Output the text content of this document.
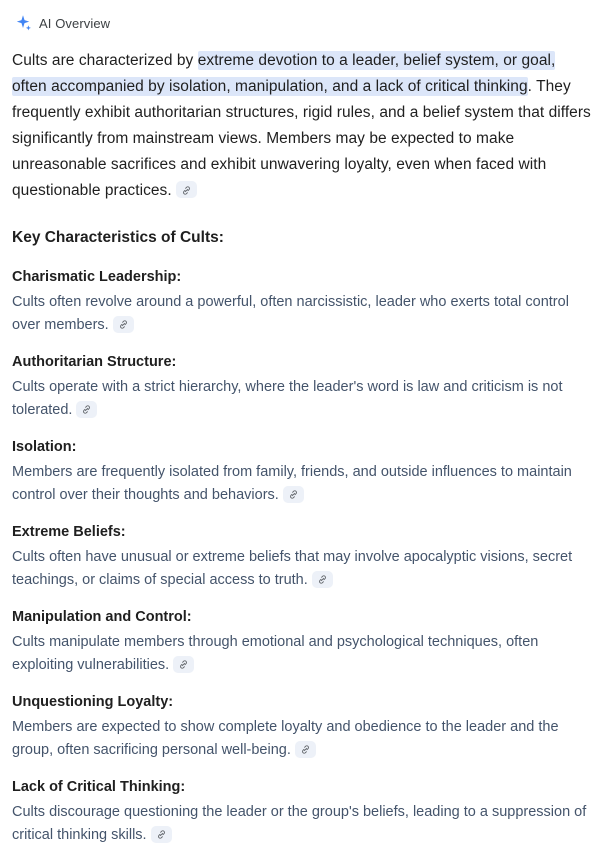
AI Overview

Cults are characterized by extreme devotion to a leader, belief system, or goal, often accompanied by isolation, manipulation, and a lack of critical thinking. They frequently exhibit authoritarian structures, rigid rules, and a belief system that differs significantly from mainstream views. Members may be expected to make unreasonable sacrifices and exhibit unwavering loyalty, even when faced with questionable practices.

Key Characteristics of Cults:
Charismatic Leadership:

Cults often revolve around a powerful, often narcissistic, leader who exerts total control over members.

Authoritarian Structure:

Cults operate with a strict hierarchy, where the leader's word is law and criticism is not tolerated.

Isolation:

Members are frequently isolated from family, friends, and outside influences to maintain control over their thoughts and behaviors.

Extreme Beliefs:

Cults often have unusual or extreme beliefs that may involve apocalyptic visions, secret teachings, or claims of special access to truth.

Manipulation and Control:

Cults manipulate members through emotional and psychological techniques, often exploiting vulnerabilities.

Unquestioning Loyalty:

Members are expected to show complete loyalty and obedience to the leader and the group, often sacrificing personal well-being.

Lack of Critical Thinking:

Cults discourage questioning the leader or the group's beliefs, leading to a suppression of critical thinking skills.
